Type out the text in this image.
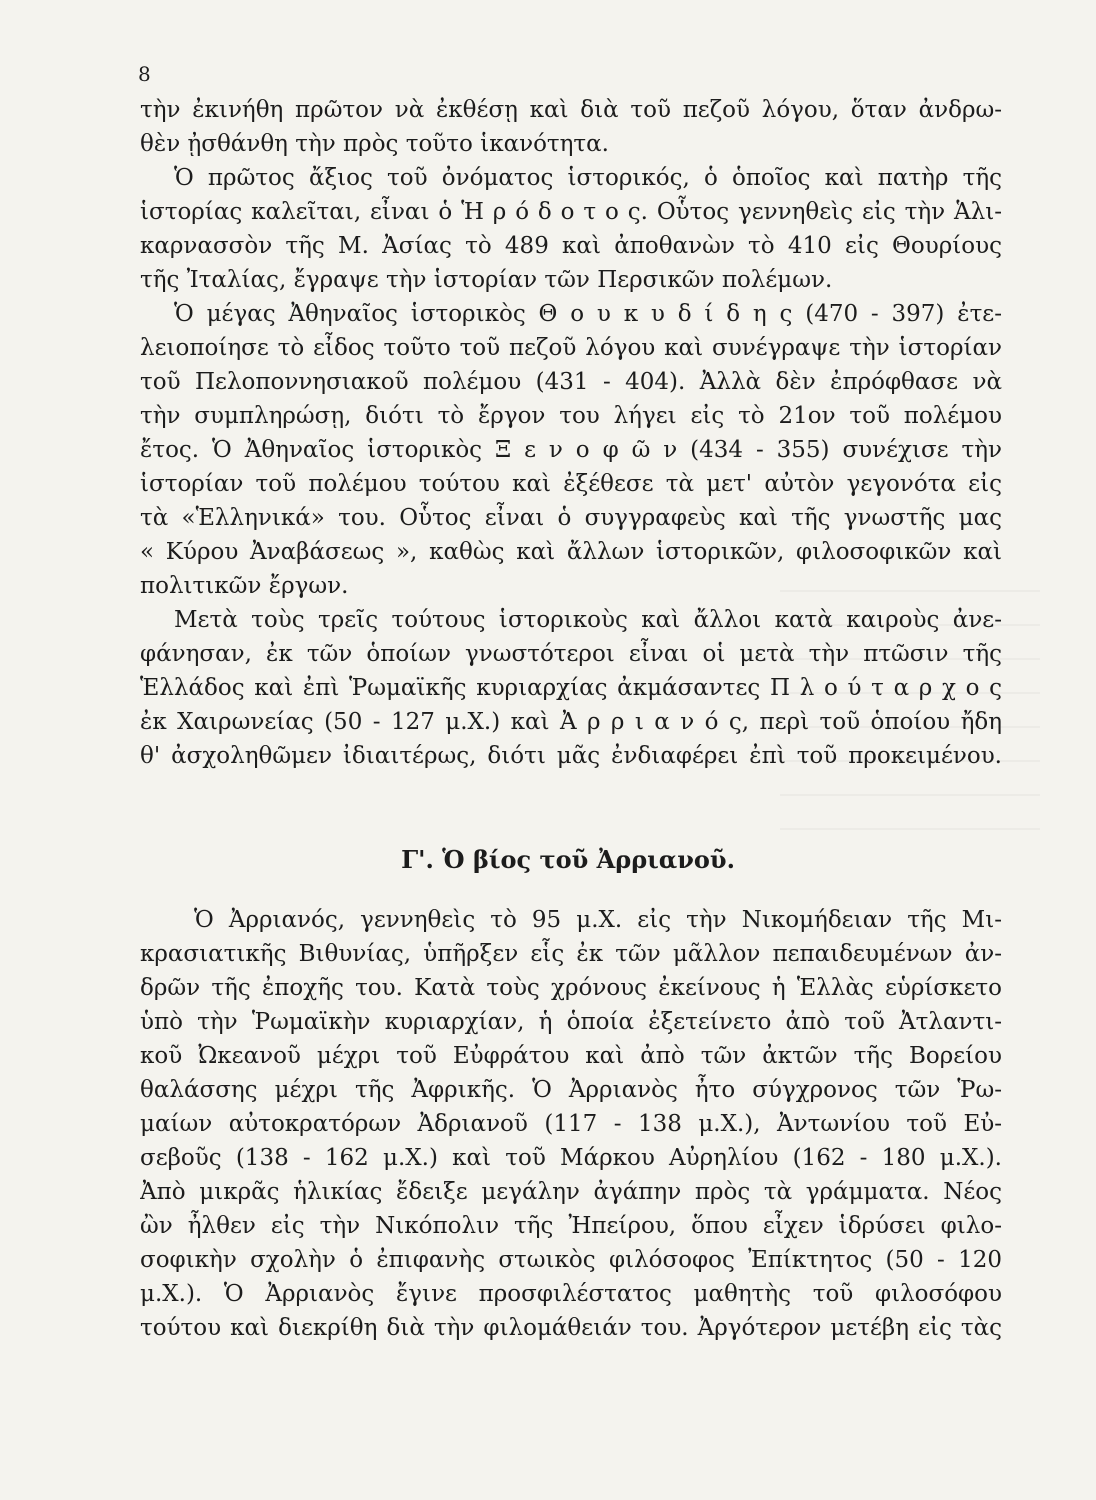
8
τὴν ἐκινήθη πρῶτον νὰ ἐκθέσῃ καὶ διὰ τοῦ πεζοῦ λόγου, ὅταν ἀνδρω-
θὲν ᾐσθάνθη τὴν πρὸς τοῦτο ἱκανότητα.
Ὁ πρῶτος ἄξιος τοῦ ὀνόματος ἱστορικός, ὁ ὁποῖος καὶ πατὴρ τῆς
ἱστορίας καλεῖται, εἶναι ὁ Ἡ ρ ό δ ο τ ο ς. Οὗτος γεννηθεὶς εἰς τὴν Ἁλι-
καρνασσὸν τῆς Μ. Ἀσίας τὸ 489 καὶ ἀποθανὼν τὸ 410 εἰς Θουρίους
τῆς Ἰταλίας, ἔγραψε τὴν ἱστορίαν τῶν Περσικῶν πολέμων.
Ὁ μέγας Ἀθηναῖος ἱστορικὸς Θ ο υ κ υ δ ί δ η ς (470 - 397) ἐτε-
λειοποίησε τὸ εἶδος τοῦτο τοῦ πεζοῦ λόγου καὶ συνέγραψε τὴν ἱστορίαν
τοῦ Πελοποννησιακοῦ πολέμου (431 - 404). Ἀλλὰ δὲν ἐπρόφθασε νὰ
τὴν συμπληρώσῃ, διότι τὸ ἔργον του λήγει εἰς τὸ 21ον τοῦ πολέμου
ἔτος. Ὁ Ἀθηναῖος ἱστορικὸς Ξ ε ν ο φ ῶ ν (434 - 355) συνέχισε τὴν
ἱστορίαν τοῦ πολέμου τούτου καὶ ἐξέθεσε τὰ μετ' αὐτὸν γεγονότα εἰς
τὰ «Ἑλληνικά» του. Οὗτος εἶναι ὁ συγγραφεὺς καὶ τῆς γνωστῆς μας
« Κύρου Ἀναβάσεως », καθὼς καὶ ἄλλων ἱστορικῶν, φιλοσοφικῶν καὶ
πολιτικῶν ἔργων.
Μετὰ τοὺς τρεῖς τούτους ἱστορικοὺς καὶ ἄλλοι κατὰ καιροὺς ἀνε-
φάνησαν, ἐκ τῶν ὁποίων γνωστότεροι εἶναι οἱ μετὰ τὴν πτῶσιν τῆς
Ἑλλάδος καὶ ἐπὶ Ῥωμαϊκῆς κυριαρχίας ἀκμάσαντες Π λ ο ύ τ α ρ χ ο ς
ἐκ Χαιρωνείας (50 - 127 μ.Χ.) καὶ Ἀ ρ ρ ι α ν ό ς, περὶ τοῦ ὁποίου ἤδη
θ' ἀσχοληθῶμεν ἰδιαιτέρως, διότι μᾶς ἐνδιαφέρει ἐπὶ τοῦ προκειμένου.
Γ'. Ὁ βίος τοῦ Ἀρριανοῦ.
Ὁ Ἀρριανός, γεννηθεὶς τὸ 95 μ.Χ. εἰς τὴν Νικομήδειαν τῆς Μι-
κρασιατικῆς Βιθυνίας, ὑπῆρξεν εἷς ἐκ τῶν μᾶλλον πεπαιδευμένων ἀν-
δρῶν τῆς ἐποχῆς του. Κατὰ τοὺς χρόνους ἐκείνους ἡ Ἑλλὰς εὑρίσκετο
ὑπὸ τὴν Ῥωμαϊκὴν κυριαρχίαν, ἡ ὁποία ἐξετείνετο ἀπὸ τοῦ Ἀτλαντι-
κοῦ Ὠκεανοῦ μέχρι τοῦ Εὐφράτου καὶ ἀπὸ τῶν ἀκτῶν τῆς Βορείου
θαλάσσης μέχρι τῆς Ἀφρικῆς. Ὁ Ἀρριανὸς ἦτο σύγχρονος τῶν Ῥω-
μαίων αὐτοκρατόρων Ἀδριανοῦ (117 - 138 μ.Χ.), Ἀντωνίου τοῦ Εὐ-
σεβοῦς (138 - 162 μ.Χ.) καὶ τοῦ Μάρκου Αὐρηλίου (162 - 180 μ.Χ.).
Ἀπὸ μικρᾶς ἡλικίας ἔδειξε μεγάλην ἀγάπην πρὸς τὰ γράμματα. Νέος
ὢν ἦλθεν εἰς τὴν Νικόπολιν τῆς Ἠπείρου, ὅπου εἶχεν ἱδρύσει φιλο-
σοφικὴν σχολὴν ὁ ἐπιφανὴς στωικὸς φιλόσοφος Ἐπίκτητος (50 - 120
μ.Χ.). Ὁ Ἀρριανὸς ἔγινε προσφιλέστατος μαθητὴς τοῦ φιλοσόφου
τούτου καὶ διεκρίθη διὰ τὴν φιλομάθειάν του. Ἀργότερον μετέβη εἰς τὰς
